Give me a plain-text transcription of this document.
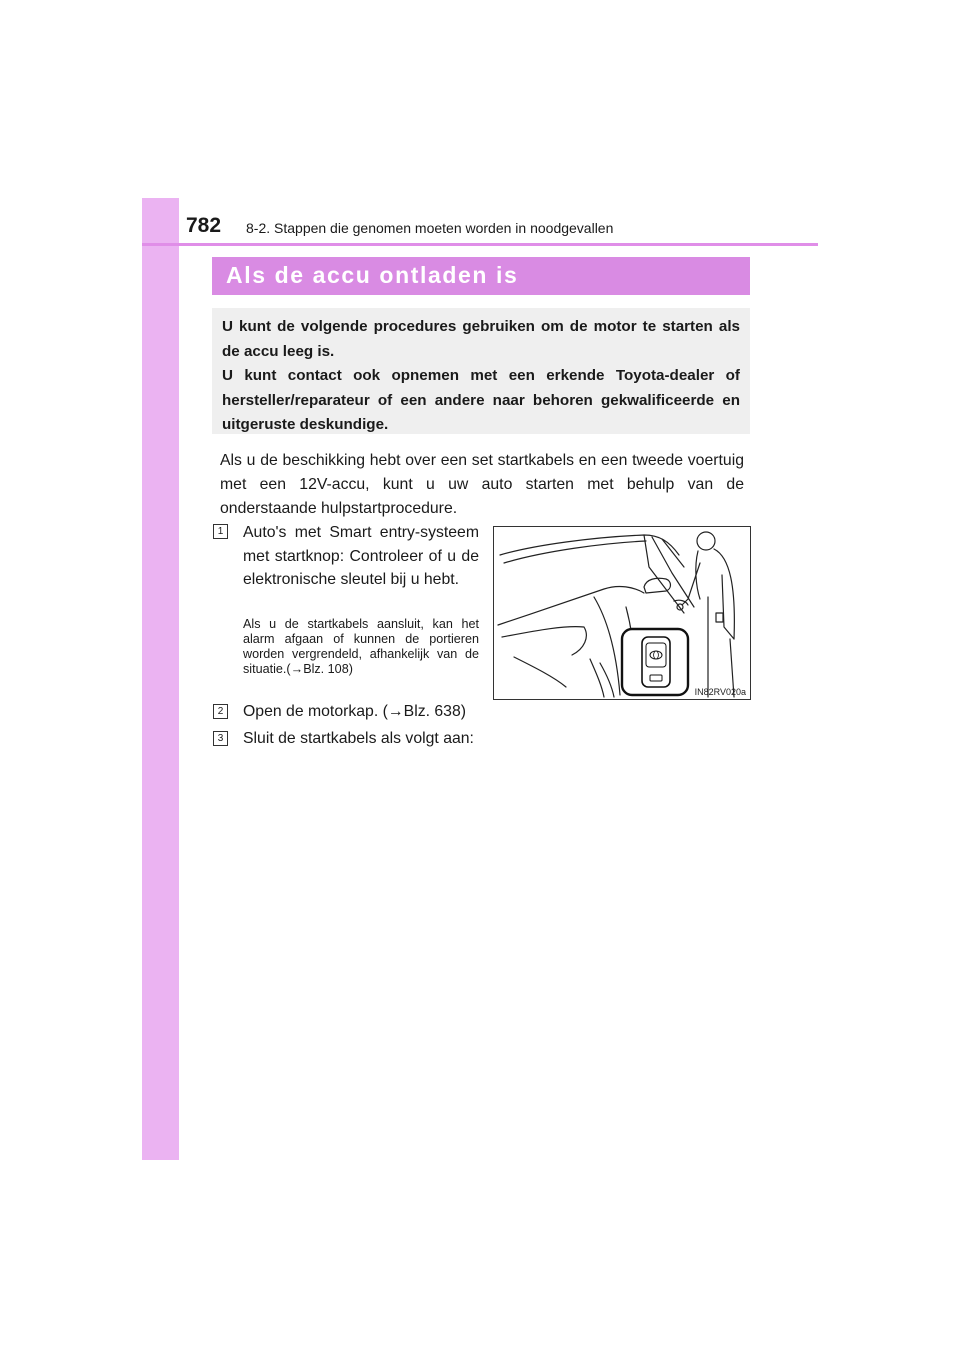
782 8-2. Stappen die genomen moeten worden in noodgevallen
Als de accu ontladen is

U kunt de volgende procedures gebruiken om de motor te starten als de accu leeg is.

U kunt contact ook opnemen met een erkende Toyota-dealer of hersteller/reparateur of een andere naar behoren gekwalificeerde en uitgeruste deskundige.

Als u de beschikking hebt over een set startkabels en een tweede voertuig met een 12V-accu, kunt u uw auto starten met behulp van de onderstaande hulpstartprocedure.

1 Auto's met Smart entry-systeem met startknop: Controleer of u de elektronische sleutel bij u hebt.

Als u de startkabels aansluit, kan het alarm afgaan of kunnen de portieren worden vergrendeld, afhankelijk van de situatie.(→Blz. 108)

IN82RV020a
2 Open de motorkap. (→Blz. 638)
3 Sluit de startkabels als volgt aan:
